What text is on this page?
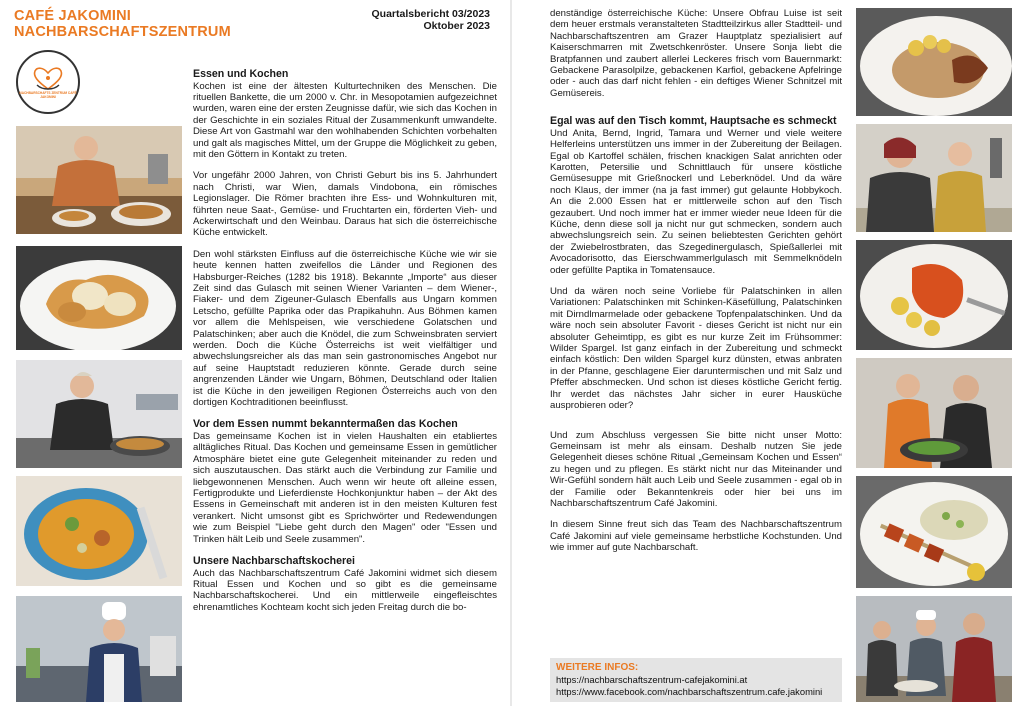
CAFÉ JAKOMINI
NACHBARSCHAFTSZENTRUM
Quartalsbericht 03/2023
Oktober 2023
NACHBARSCHAFTS ZENTRUM CAFÉ JAKOMINI
Essen und Kochen

Kochen ist eine der ältesten Kulturtechniken des Menschen. Die rituellen Bankette, die um 2000 v. Chr. in Mesopotamien aufgezeichnet wurden, waren eine der ersten Zeugnisse dafür, wie sich das Kochen in der Geschichte in ein soziales Ritual der Zusammenkunft umwandelte. Diese Art von Gastmahl war den wohlhabenden Schichten vorbehalten und galt als magisches Mittel, um der Gruppe die Möglichkeit zu geben, mit den Göttern in Kontakt zu treten.

Vor ungefähr 2000 Jahren, von Christi Geburt bis ins 5. Jahrhundert nach Christi, war Wien, damals Vindobona, ein römisches Legionslager. Die Römer brachten ihre Ess- und Wohnkulturen mit, führten neue Saat-, Gemüse- und Fruchtarten ein, förderten Vieh- und Ackerwirtschaft und den Weinbau. Daraus hat sich die österreichische Küche entwickelt.

Den wohl stärksten Einfluss auf die österreichische Küche wie wir sie heute kennen hatten zweifellos die Länder und Regionen des Habsburger-Reiches (1282 bis 1918). Bekannte „Importe“ aus dieser Zeit sind das Gulasch mit seinen Wiener Varianten – dem Wiener-, Fiaker- und dem Zigeuner-Gulasch Ebenfalls aus Ungarn kommen Letscho, gefüllte Paprika oder das Prapikahuhn. Aus Böhmen kamen vor allem die Mehlspeisen, wie verschiedene Golatschen und Palatschinken; aber auch die Knödel, die zum Schweinsbraten serviert werden. Doch die Küche Österreichs ist weit vielfältiger und abwechslungsreicher als das man sein gastronomisches Angebot nur auf seine Hauptstadt reduzieren könnte. Gerade durch seine angrenzenden Länder wie Ungarn, Böhmen, Deutschland oder Italien ist die Küche in den jeweiligen Regionen Österreichs auch von den dortigen Kochtraditionen beeinflusst.

Vor dem Essen nummt bekanntermaßen das Kochen

Das gemeinsame Kochen ist in vielen Haushalten ein etabliertes alltägliches Ritual. Das Kochen und gemeinsame Essen in gemütlicher Atmosphäre bietet eine gute Gelegenheit miteinander zu reden und sich auszutauschen. Das stärkt auch die Verbindung zur Familie und liebgewonnenen Menschen. Auch wenn wir heute oft alleine essen, Fertigprodukte und Lieferdienste Hochkonjunktur haben – der Akt des Essens in Gemeinschaft mit anderen ist in den meisten Kulturen fest verankert. Nicht umsonst gibt es Sprichwörter und Redewendungen wie zum Beispiel "Liebe geht durch den Magen" oder "Essen und Trinken hält Leib und Seele zusammen".

Unsere Nachbarschaftskocherei

Auch das Nachbarschaftszentrum Café Jakomini widmet sich diesem Ritual Essen und Kochen und so gibt es die gemeinsame Nachbarschaftskocherei. Und ein mittlerweile eingefleischtes ehrenamtliches Kochteam kocht sich jeden Freitag durch die bo-

denständige österreichische Küche: Unsere Obfrau Luise ist seit dem heuer erstmals veranstalteten Stadtteilzirkus aller Stadtteil- und Nachbarschaftszentren am Grazer Hauptplatz spezialisiert auf Kaiserschmarren mit Zwetschkenröster. Unsere Sonja liebt die Bratpfannen und zaubert allerlei Leckeres frisch vom Bauernmarkt: Gebackene Parasolpilze, gebackenen Karfiol, gebackene Apfelringe oder - auch das darf nicht fehlen - ein deftiges Wiener Schnitzel mit Gemüsereis.

Egal was auf den Tisch kommt, Hauptsache es schmeckt

Und Anita, Bernd, Ingrid, Tamara und Werner und viele weitere Helferleins unterstützen uns immer in der Zubereitung der Beilagen. Egal ob Kartoffel schälen, frischen knackigen Salat anrichten oder Karotten, Petersilie und Schnittlauch für unsere köstliche Gemüsesuppe mit Grießnockerl und Leberknödel. Und da wäre noch Klaus, der immer (na ja fast immer) gut gelaunte Hobbykoch. An die 2.000 Essen hat er mittlerweile schon auf den Tisch gezaubert. Und noch immer hat er immer wieder neue Ideen für die Küche, denn diese soll ja nicht nur gut schmecken, sondern auch abwechslungsreich sein. Zu seinen beliebtesten Gerichten gehört der Zwiebelrostbraten, das Szegedinergulasch, Spießallerlei mit Avocadorisotto, das Eierschwammerlgulasch mit Semmelknödeln oder gefüllte Paptika in Tomatensauce.

Und da wären noch seine Vorliebe für Palatschinken in allen Variationen: Palatschinken mit Schinken-Käsefüllung, Palatschinken mit Dirndlmarmelade oder gebackene Topfenpalatschinken. Und da wäre noch sein absoluter Favorit - dieses Gericht ist nicht nur ein absoluter Geheimtipp, es gibt es nur kurze Zeit im Frühsommer: Wilder Spargel. Ist ganz einfach in der Zubereitung und schmeckt einfach köstlich: Den wilden Spargel kurz dünsten, etwas anbraten in der Pfanne, geschlagene Eier daruntermischen und mit Salz und Pfeffer abschmecken. Und schon ist dieses köstliche Gericht fertig. Ihr werdet das nächstes Jahr sicher in eurer Hausküche ausprobieren oder?

Und zum Abschluss vergessen Sie bitte nicht unser Motto: Gemeinsam ist mehr als einsam. Deshalb nutzen Sie jede Gelegenheit dieses schöne Ritual „Gemeinsam Kochen und Essen“ zu hegen und zu pflegen. Es stärkt nicht nur das Miteinander und Wir-Gefühl sondern hält auch Leib und Seele zusammen - egal ob in der Familie oder Bekanntenkreis oder hier bei uns im Nachbarschaftszentrum Café Jakomini.

In diesem Sinne freut sich das Team des Nachbarschaftszentrum Café Jakomini auf viele gemeinsame herbstliche Kochstunden. Und wie immer auf gute Nachbarschaft.

WEITERE INFOS:
https://nachbarschaftszentrum-cafejakomini.at
https://www.facebook.com/nachbarschaftszentrum.cafe.jakomini
